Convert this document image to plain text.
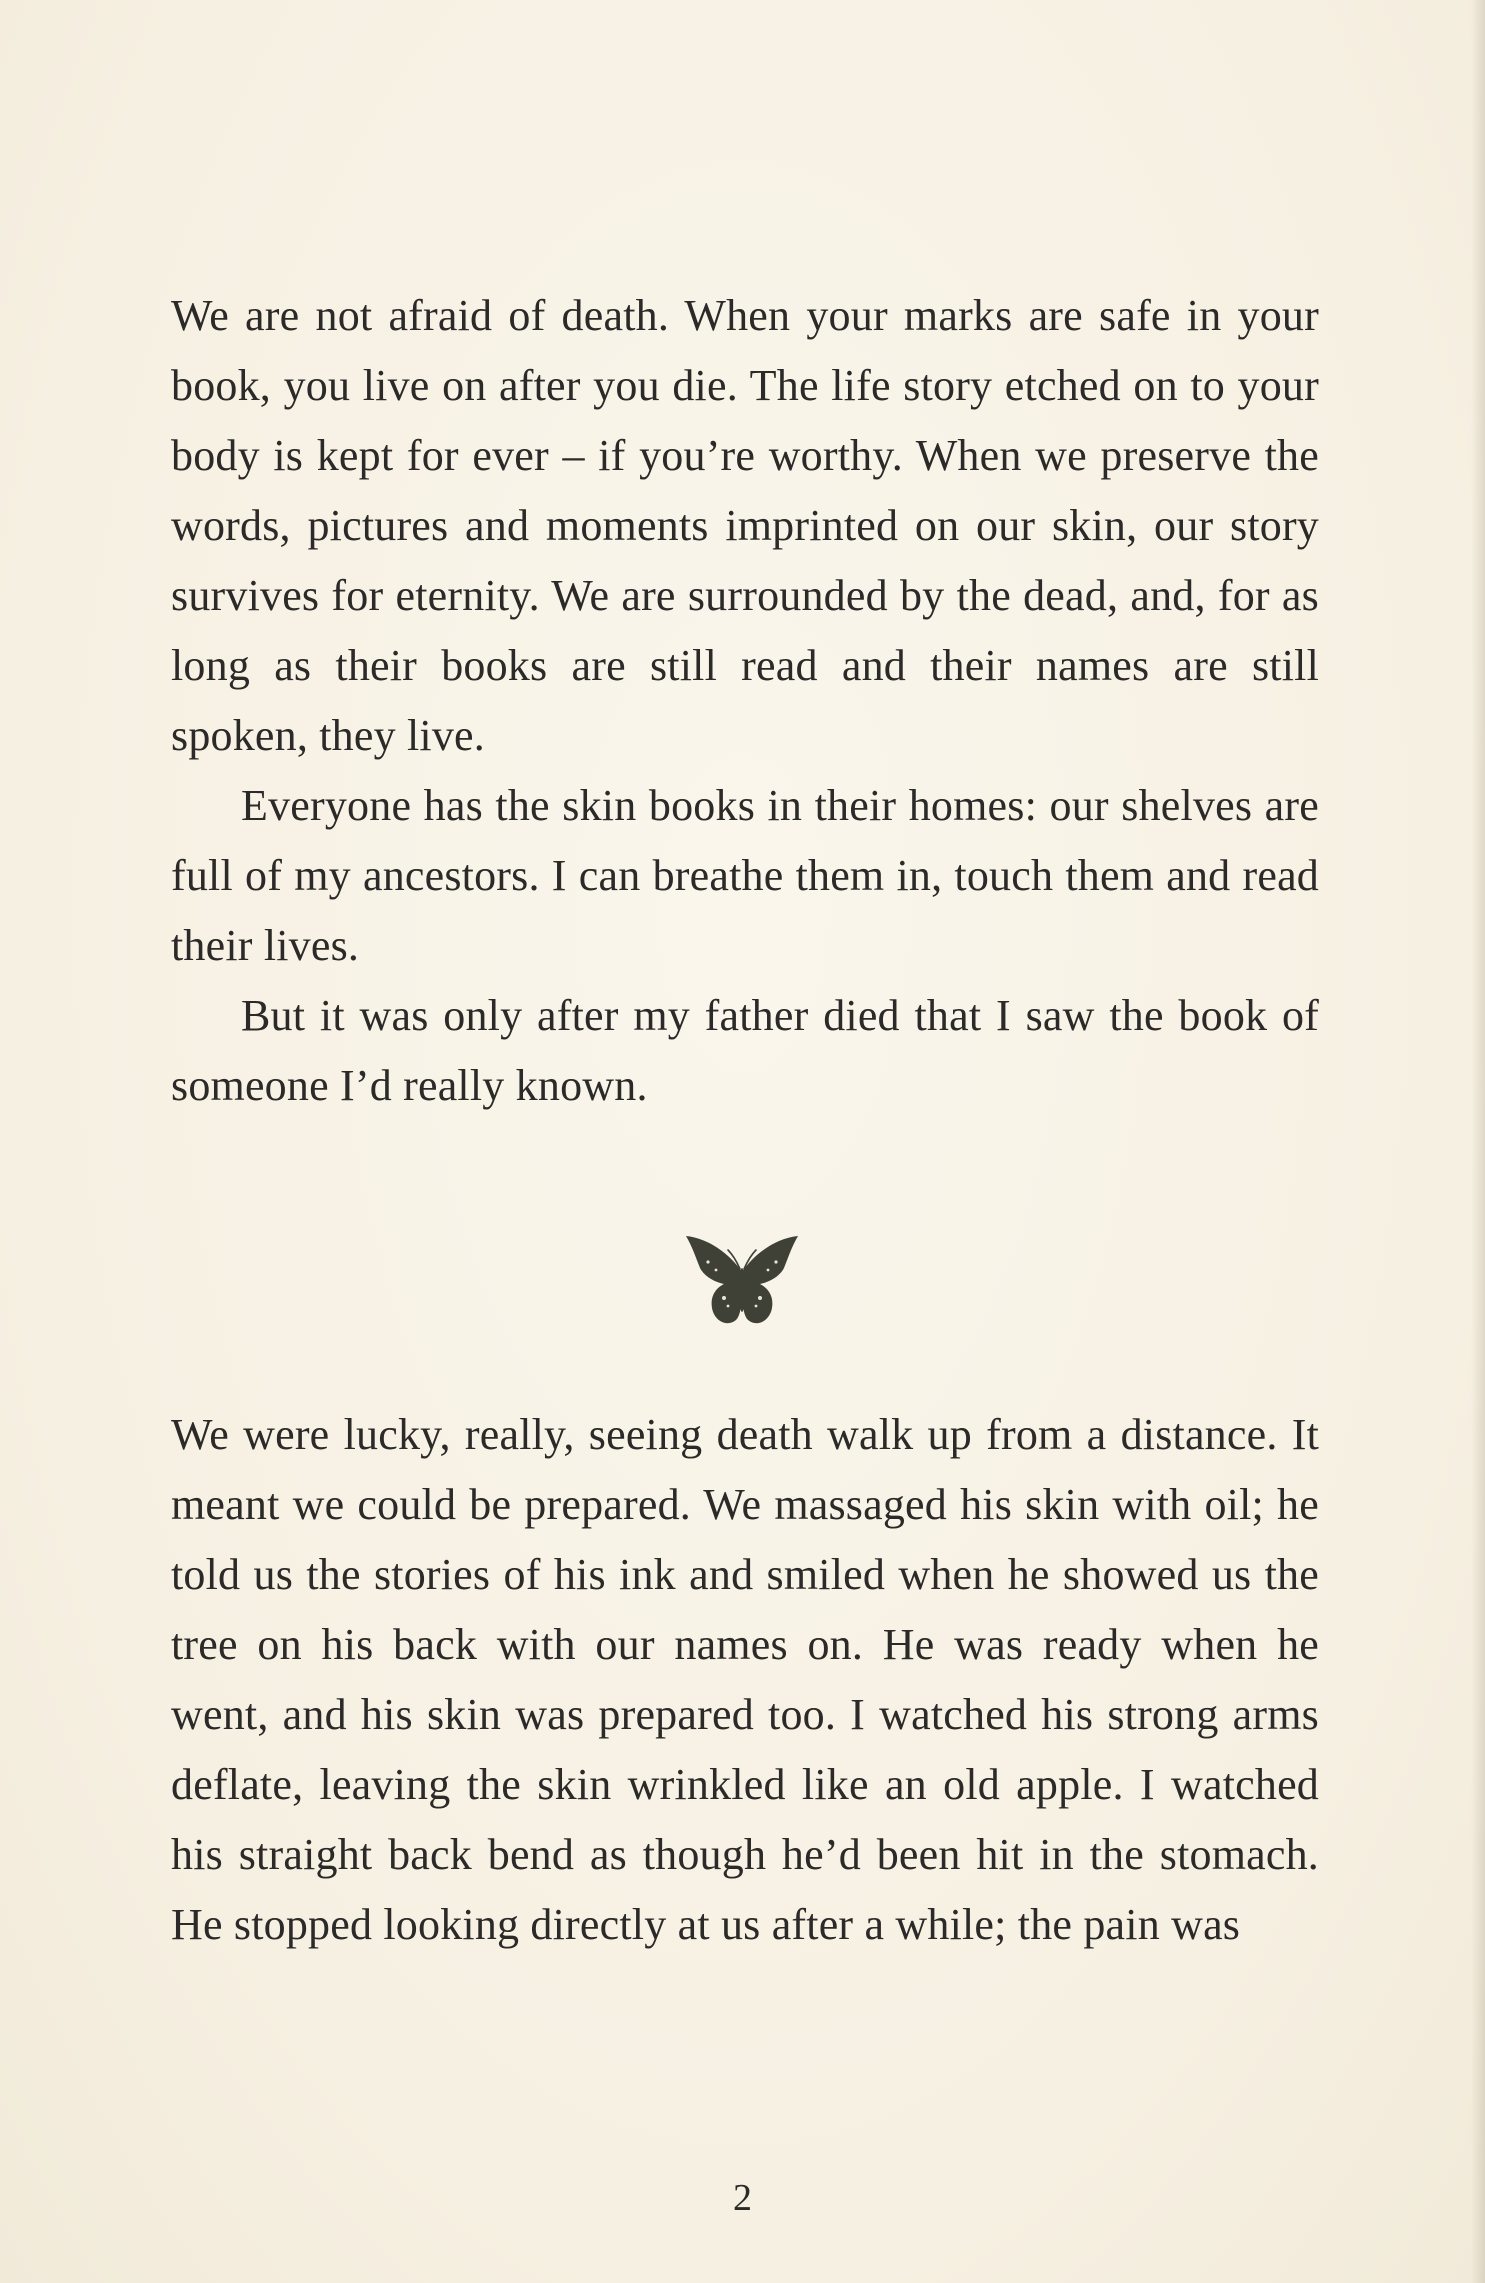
We are not afraid of death. When your marks are safe in your book, you live on after you die. The life story etched on to your body is kept for ever – if you’re worthy. When we preserve the words, pictures and moments imprinted on our skin, our story survives for eternity. We are surrounded by the dead, and, for as long as their books are still read and their names are still spoken, they live.

Everyone has the skin books in their homes: our shelves are full of my ancestors. I can breathe them in, touch them and read their lives.

But it was only after my father died that I saw the book of someone I’d really known.

We were lucky, really, seeing death walk up from a distance. It meant we could be prepared. We massaged his skin with oil; he told us the stories of his ink and smiled when he showed us the tree on his back with our names on. He was ready when he went, and his skin was prepared too. I watched his strong arms deflate, leaving the skin wrinkled like an old apple. I watched his straight back bend as though he’d been hit in the stomach. He stopped looking directly at us after a while; the pain was

2
